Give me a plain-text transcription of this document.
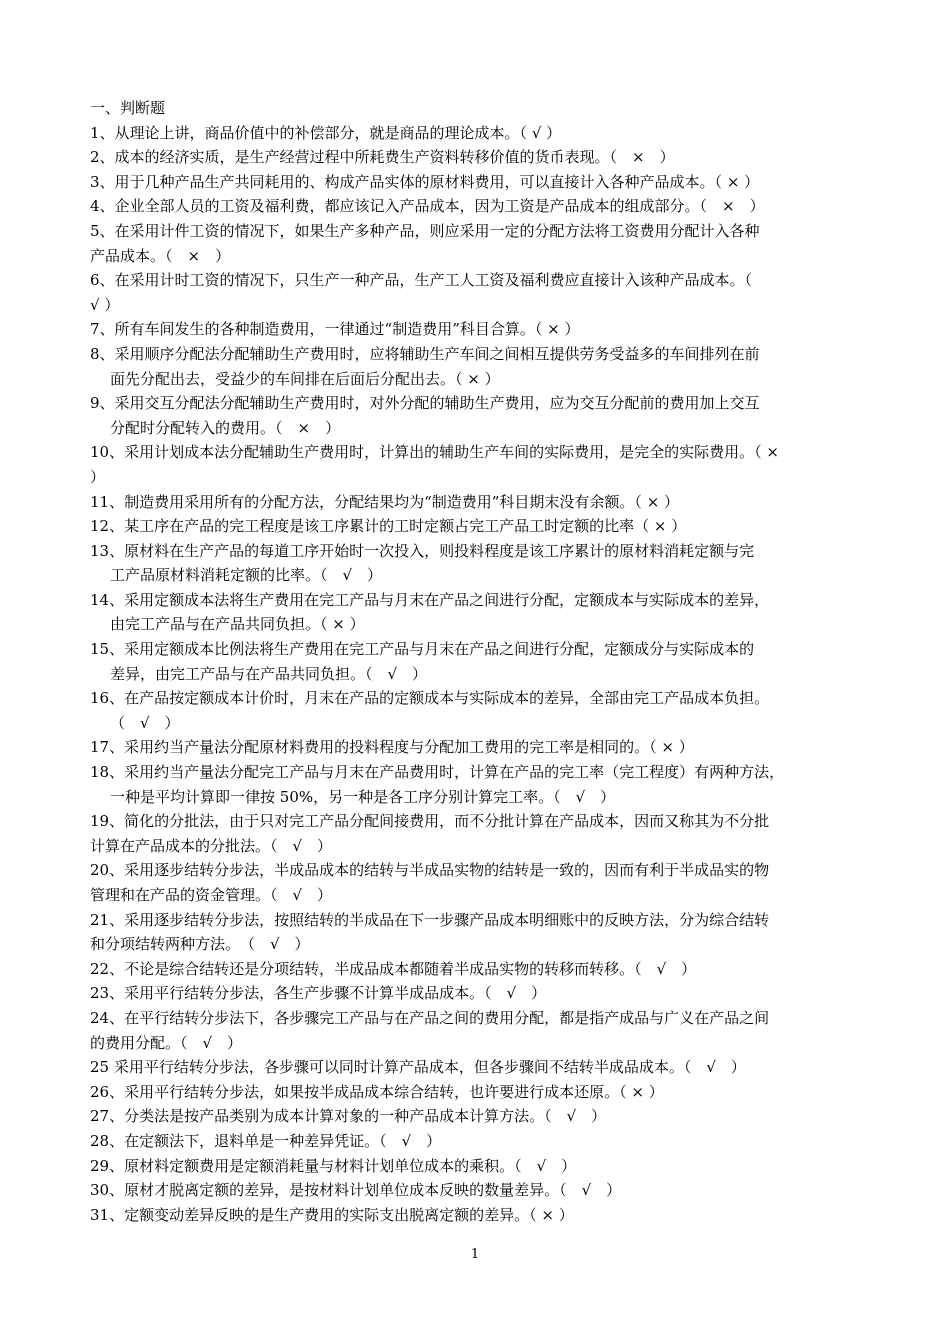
一、判断题
1、从理论上讲，商品价值中的补偿部分，就是商品的理论成本。（ √ ）
2、成本的经济实质，是生产经营过程中所耗费生产资料转移价值的货币表现。（　×　）
3、用于几种产品生产共同耗用的、构成产品实体的原材料费用，可以直接计入各种产品成本。（ × ）
4、企业全部人员的工资及福利费，都应该记入产品成本，因为工资是产品成本的组成部分。（　×　）
5、在采用计件工资的情况下，如果生产多种产品，则应采用一定的分配方法将工资费用分配计入各种
产品成本。（　×　）
6、在采用计时工资的情况下，只生产一种产品，生产工人工资及福利费应直接计入该种产品成本。（
√ ）
7、所有车间发生的各种制造费用，一律通过“制造费用”科目合算。（ × ）
8、采用顺序分配法分配辅助生产费用时，应将辅助生产车间之间相互提供劳务受益多的车间排列在前
面先分配出去，受益少的车间排在后面后分配出去。（ × ）
9、采用交互分配法分配辅助生产费用时，对外分配的辅助生产费用，应为交互分配前的费用加上交互
分配时分配转入的费用。（　×　）
10、采用计划成本法分配辅助生产费用时，计算出的辅助生产车间的实际费用，是完全的实际费用。（ ×
）
11、制造费用采用所有的分配方法，分配结果均为“制造费用”科目期末没有余额。（ × ）
12、某工序在产品的完工程度是该工序累计的工时定额占完工产品工时定额的比率（ × ）
13、原材料在生产产品的每道工序开始时一次投入，则投料程度是该工序累计的原材料消耗定额与完
工产品原材料消耗定额的比率。（　√　）
14、采用定额成本法将生产费用在完工产品与月末在产品之间进行分配，定额成本与实际成本的差异，
由完工产品与在产品共同负担。（ × ）
15、采用定额成本比例法将生产费用在完工产品与月末在产品之间进行分配，定额成分与实际成本的
差异，由完工产品与在产品共同负担。（　√　）
16、在产品按定额成本计价时，月末在产品的定额成本与实际成本的差异，全部由完工产品成本负担。
（　√　）
17、采用约当产量法分配原材料费用的投料程度与分配加工费用的完工率是相同的。（ × ）
18、采用约当产量法分配完工产品与月末在产品费用时，计算在产品的完工率（完工程度）有两种方法，
一种是平均计算即一律按 50%，另一种是各工序分别计算完工率。（　√　）
19、简化的分批法，由于只对完工产品分配间接费用，而不分批计算在产品成本，因而又称其为不分批
计算在产品成本的分批法。（　√　）
20、采用逐步结转分步法，半成品成本的结转与半成品实物的结转是一致的，因而有利于半成品实的物
管理和在产品的资金管理。（　√　）
21、采用逐步结转分步法，按照结转的半成品在下一步骤产品成本明细账中的反映方法，分为综合结转
和分项结转两种方法。　（　√　）
22、不论是综合结转还是分项结转，半成品成本都随着半成品实物的转移而转移。（　√　）
23、采用平行结转分步法，各生产步骤不计算半成品成本。（　√　）
24、在平行结转分步法下，各步骤完工产品与在产品之间的费用分配，都是指产成品与广义在产品之间
的费用分配。（　√　）
25 采用平行结转分步法，各步骤可以同时计算产品成本，但各步骤间不结转半成品成本。（　√　）
26、采用平行结转分步法，如果按半成品成本综合结转，也许要进行成本还原。（ × ）
27、分类法是按产品类别为成本计算对象的一种产品成本计算方法。（　√　）
28、在定额法下，退料单是一种差异凭证。（　√　）
29、原材料定额费用是定额消耗量与材料计划单位成本的乘积。（　√　）
30、原材才脱离定额的差异，是按材料计划单位成本反映的数量差异。（　√　）
31、定额变动差异反映的是生产费用的实际支出脱离定额的差异。（ × ）
1
